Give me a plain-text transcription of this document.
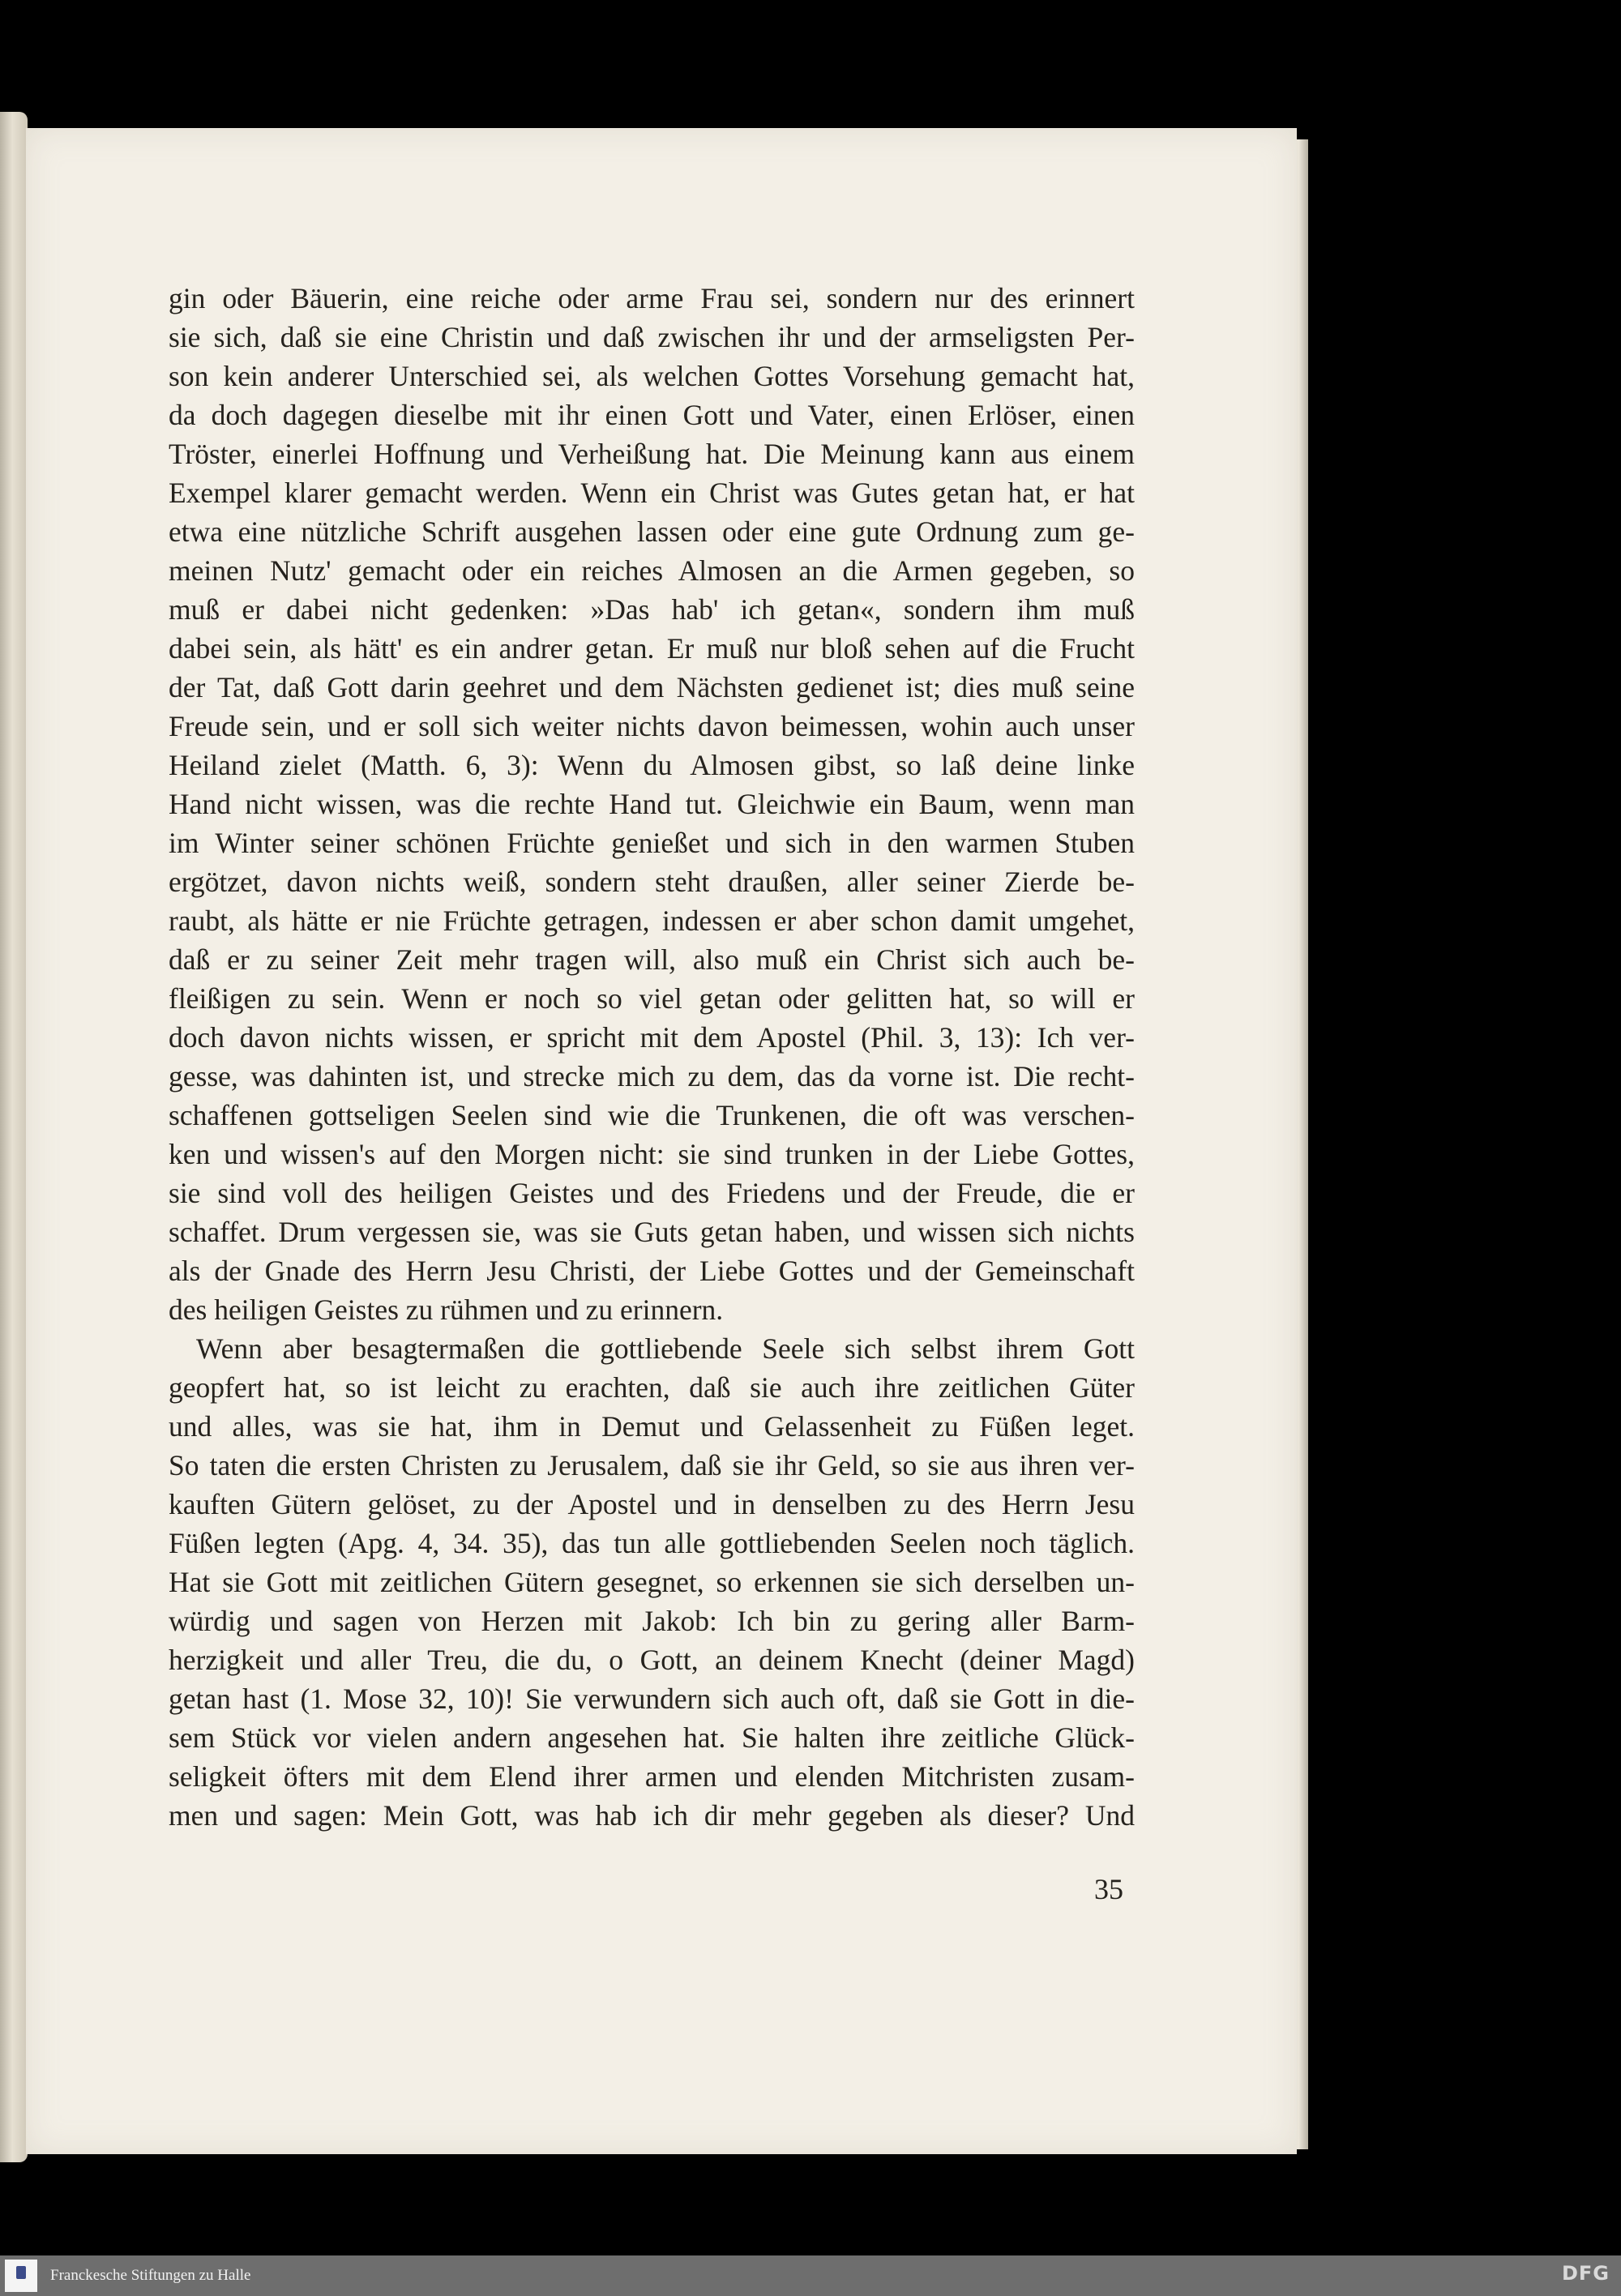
gin oder Bäuerin, eine reiche oder arme Frau sei, sondern nur des erinnert
sie sich, daß sie eine Christin und daß zwischen ihr und der armseligsten Per-
son kein anderer Unterschied sei, als welchen Gottes Vorsehung gemacht hat,
da doch dagegen dieselbe mit ihr einen Gott und Vater, einen Erlöser, einen
Tröster, einerlei Hoffnung und Verheißung hat. Die Meinung kann aus einem
Exempel klarer gemacht werden. Wenn ein Christ was Gutes getan hat, er hat
etwa eine nützliche Schrift ausgehen lassen oder eine gute Ordnung zum ge-
meinen Nutz' gemacht oder ein reiches Almosen an die Armen gegeben, so
muß er dabei nicht gedenken: »Das hab' ich getan«, sondern ihm muß
dabei sein, als hätt' es ein andrer getan. Er muß nur bloß sehen auf die Frucht
der Tat, daß Gott darin geehret und dem Nächsten gedienet ist; dies muß seine
Freude sein, und er soll sich weiter nichts davon beimessen, wohin auch unser
Heiland zielet (Matth. 6, 3): Wenn du Almosen gibst, so laß deine linke
Hand nicht wissen, was die rechte Hand tut. Gleichwie ein Baum, wenn man
im Winter seiner schönen Früchte genießet und sich in den warmen Stuben
ergötzet, davon nichts weiß, sondern steht draußen, aller seiner Zierde be-
raubt, als hätte er nie Früchte getragen, indessen er aber schon damit umgehet,
daß er zu seiner Zeit mehr tragen will, also muß ein Christ sich auch be-
fleißigen zu sein. Wenn er noch so viel getan oder gelitten hat, so will er
doch davon nichts wissen, er spricht mit dem Apostel (Phil. 3, 13): Ich ver-
gesse, was dahinten ist, und strecke mich zu dem, das da vorne ist. Die recht-
schaffenen gottseligen Seelen sind wie die Trunkenen, die oft was verschen-
ken und wissen's auf den Morgen nicht: sie sind trunken in der Liebe Gottes,
sie sind voll des heiligen Geistes und des Friedens und der Freude, die er
schaffet. Drum vergessen sie, was sie Guts getan haben, und wissen sich nichts
als der Gnade des Herrn Jesu Christi, der Liebe Gottes und der Gemeinschaft
des heiligen Geistes zu rühmen und zu erinnern.
Wenn aber besagtermaßen die gottliebende Seele sich selbst ihrem Gott
geopfert hat, so ist leicht zu erachten, daß sie auch ihre zeitlichen Güter
und alles, was sie hat, ihm in Demut und Gelassenheit zu Füßen leget.
So taten die ersten Christen zu Jerusalem, daß sie ihr Geld, so sie aus ihren ver-
kauften Gütern gelöset, zu der Apostel und in denselben zu des Herrn Jesu
Füßen legten (Apg. 4, 34. 35), das tun alle gottliebenden Seelen noch täglich.
Hat sie Gott mit zeitlichen Gütern gesegnet, so erkennen sie sich derselben un-
würdig und sagen von Herzen mit Jakob: Ich bin zu gering aller Barm-
herzigkeit und aller Treu, die du, o Gott, an deinem Knecht (deiner Magd)
getan hast (1. Mose 32, 10)! Sie verwundern sich auch oft, daß sie Gott in die-
sem Stück vor vielen andern angesehen hat. Sie halten ihre zeitliche Glück-
seligkeit öfters mit dem Elend ihrer armen und elenden Mitchristen zusam-
men und sagen: Mein Gott, was hab ich dir mehr gegeben als dieser? Und
35
Franckesche Stiftungen zu Halle	DFG
